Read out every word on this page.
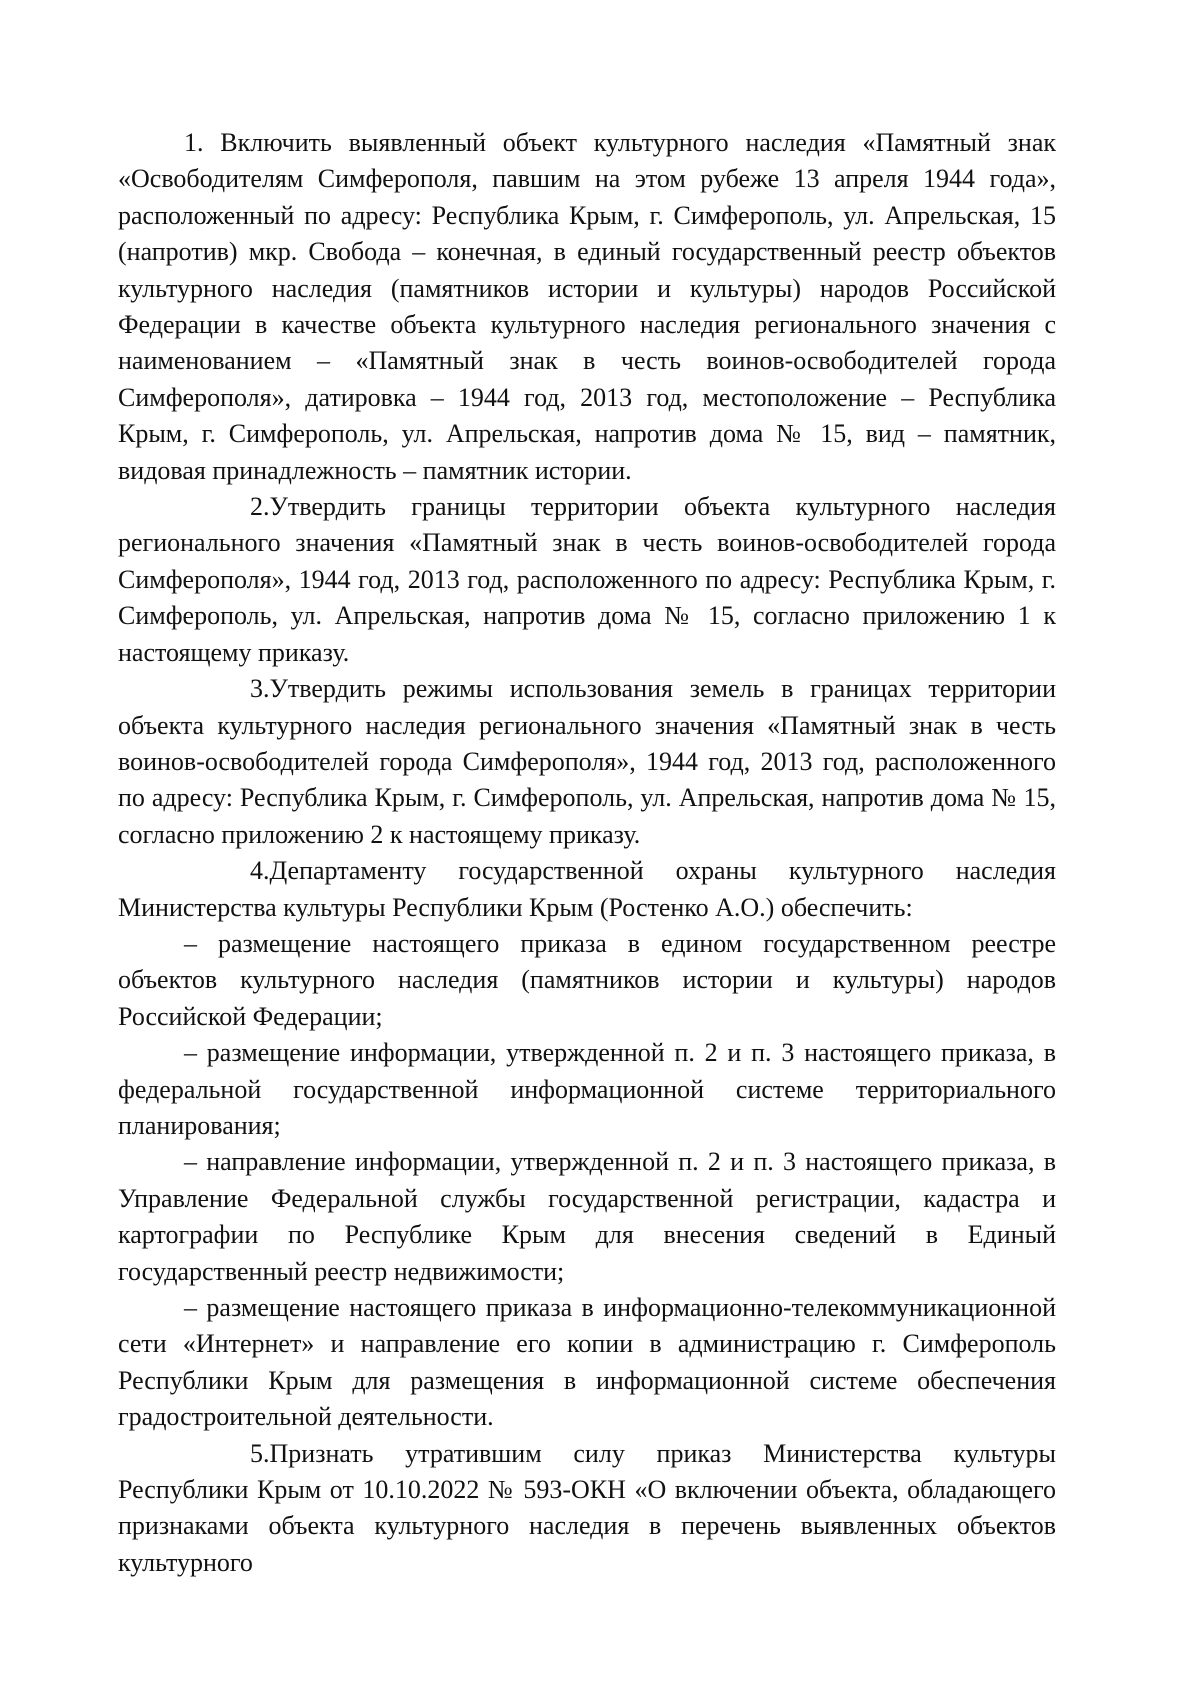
1. Включить выявленный объект культурного наследия «Памятный знак «Освободителям Симферополя, павшим на этом рубеже 13 апреля 1944 года», расположенный по адресу: Республика Крым, г. Симферополь, ул. Апрельская, 15 (напротив) мкр. Свобода – конечная, в единый государственный реестр объектов культурного наследия (памятников истории и культуры) народов Российской Федерации в качестве объекта культурного наследия регионального значения с наименованием – «Памятный знак в честь воинов-освободителей города Симферополя», датировка – 1944 год, 2013 год, местоположение – Республика Крым, г. Симферополь, ул. Апрельская, напротив дома № 15, вид – памятник, видовая принадлежность – памятник истории.

2.Утвердить границы территории объекта культурного наследия регионального значения «Памятный знак в честь воинов-освободителей города Симферополя», 1944 год, 2013 год, расположенного по адресу: Республика Крым, г. Симферополь, ул. Апрельская, напротив дома № 15, согласно приложению 1 к настоящему приказу.

3.Утвердить режимы использования земель в границах территории объекта культурного наследия регионального значения «Памятный знак в честь воинов-освободителей города Симферополя», 1944 год, 2013 год, расположенного по адресу: Республика Крым, г. Симферополь, ул. Апрельская, напротив дома № 15, согласно приложению 2 к настоящему приказу.

4.Департаменту государственной охраны культурного наследия Министерства культуры Республики Крым (Ростенко А.О.) обеспечить:

– размещение настоящего приказа в едином государственном реестре объектов культурного наследия (памятников истории и культуры) народов Российской Федерации;

– размещение информации, утвержденной п. 2 и п. 3 настоящего приказа, в федеральной государственной информационной системе территориального планирования;

– направление информации, утвержденной п. 2 и п. 3 настоящего приказа, в Управление Федеральной службы государственной регистрации, кадастра и картографии по Республике Крым для внесения сведений в Единый государственный реестр недвижимости;

– размещение настоящего приказа в информационно-телекоммуникационной сети «Интернет» и направление его копии в администрацию г. Симферополь Республики Крым для размещения в информационной системе обеспечения градостроительной деятельности.

5.Признать утратившим силу приказ Министерства культуры Республики Крым от 10.10.2022 № 593-ОКН «О включении объекта, обладающего признаками объекта культурного наследия в перечень выявленных объектов культурного
